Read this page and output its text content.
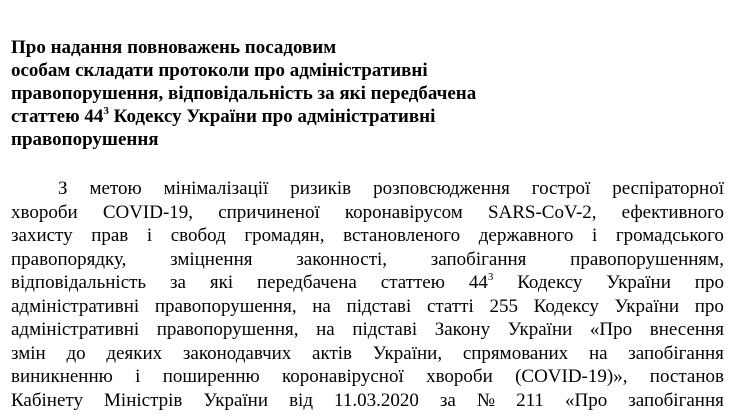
Про надання повноважень посадовим
особам складати протоколи про адміністративні
правопорушення, відповідальність за які передбачена
статтею $44^3$ Кодексу України про адміністративні
правопорушення
З метою мінімалізації ризиків розповсюдження гострої респіраторної
хвороби COVID-19, спричиненої коронавірусом SARS-CoV-2, ефективного
захисту прав і свобод громадян, встановленого державного і громадського
правопорядку, зміцнення законності, запобігання правопорушенням,
відповідальність за які передбачена статтею $44^3$ Кодексу України про
адміністративні правопорушення, на підставі статті 255 Кодексу України про
адміністративні правопорушення, на підставі Закону України «Про внесення
змін до деяких законодавчих актів України, спрямованих на запобігання
виникненню і поширенню коронавірусної хвороби (COVID-19)», постанов
Кабінету Міністрів України від 11.03.2020 за № 211 «Про запобігання
